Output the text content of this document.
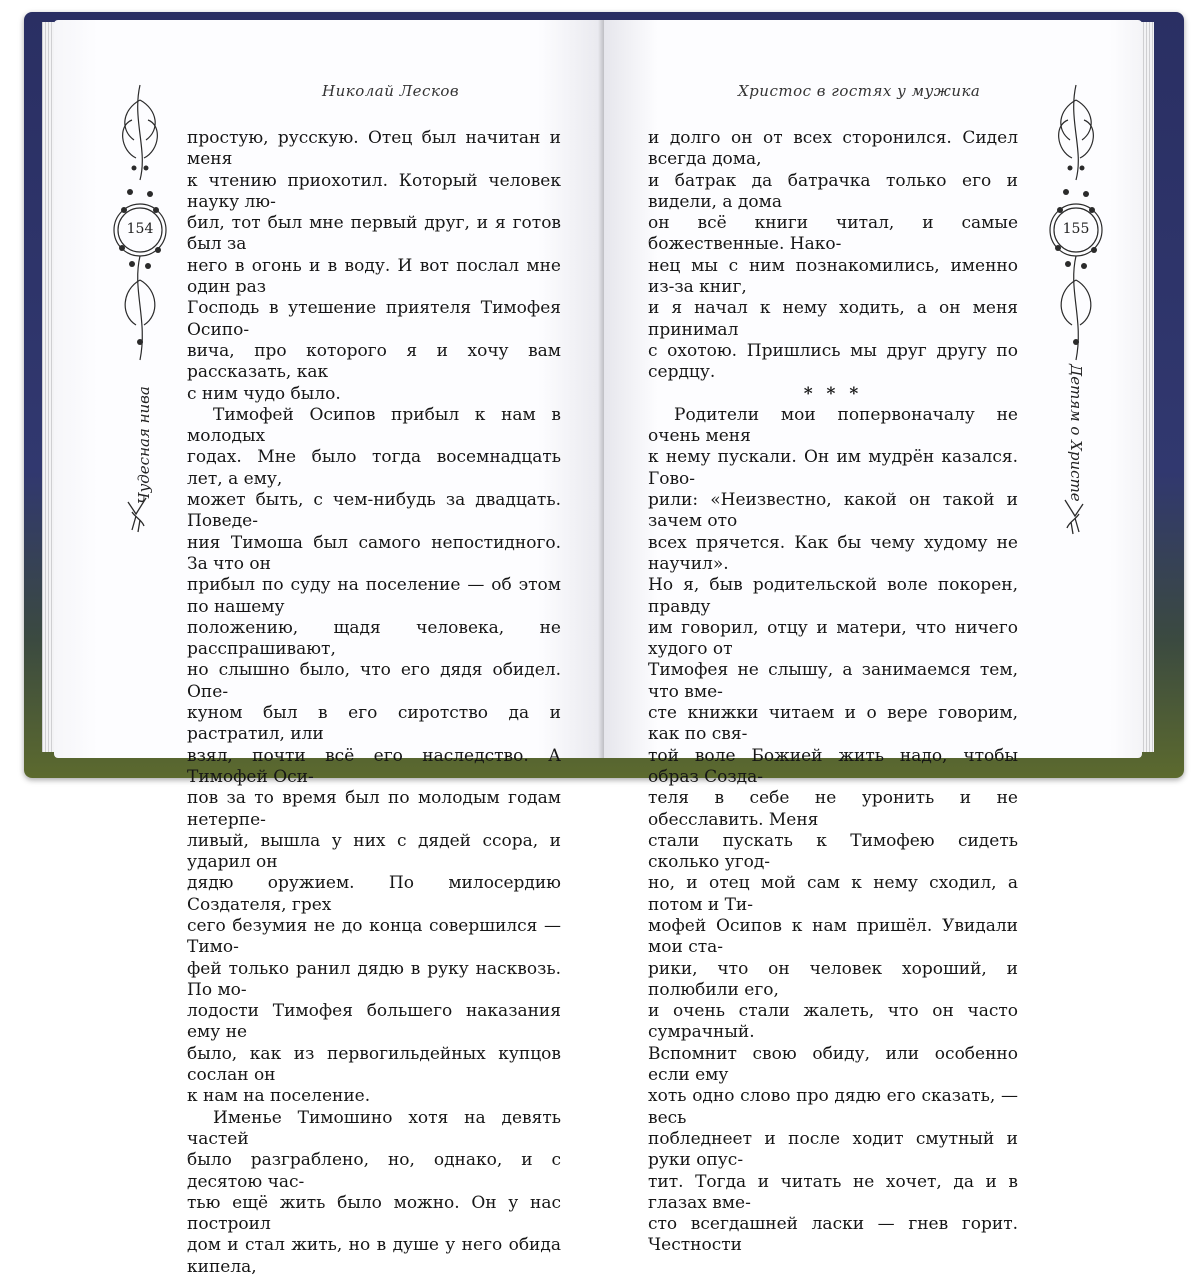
Николай Лесков
154
Чудесная нива

простую, русскую. Отец был начитан и меня

к чтению приохотил. Который человек науку лю-

бил, тот был мне первый друг, и я готов был за

него в огонь и в воду. И вот послал мне один раз

Господь в утешение приятеля Тимофея Осипо-

вича, про которого я и хочу вам рассказать, как

с ним чудо было.

Тимофей Осипов прибыл к нам в молодых

годах. Мне было тогда восемнадцать лет, а ему,

может быть, с чем-нибудь за двадцать. Поведе-

ния Тимоша был самого непостидного. За что он

прибыл по суду на поселение — об этом по нашему

положению, щадя человека, не расспрашивают,

но слышно было, что его дядя обидел. Опе-

куном был в его сиротство да и растратил, или

взял, почти всё его наследство. А Тимофей Оси-

пов за то время был по молодым годам нетерпе-

ливый, вышла у них с дядей ссора, и ударил он

дядю оружием. По милосердию Создателя, грех

сего безумия не до конца совершился — Тимо-

фей только ранил дядю в руку насквозь. По мо-

лодости Тимофея большего наказания ему не

было, как из первогильдейных купцов сослан он

к нам на поселение.

Именье Тимошино хотя на девять частей

было разграблено, но, однако, и с десятою час-

тью ещё жить было можно. Он у нас построил

дом и стал жить, но в душе у него обида кипела,

Христос в гостях у мужика
155
Детям о Христе

и долго он от всех сторонился. Сидел всегда дома,

и батрак да батрачка только его и видели, а дома

он всё книги читал, и самые божественные. Нако-

нец мы с ним познакомились, именно из-за книг,

и я начал к нему ходить, а он меня принимал

с охотою. Пришлись мы друг другу по сердцу.

* * *

Родители мои попервоначалу не очень меня

к нему пускали. Он им мудрён казался. Гово-

рили: «Неизвестно, какой он такой и зачем ото

всех прячется. Как бы чему худому не научил».

Но я, быв родительской воле покорен, правду

им говорил, отцу и матери, что ничего худого от

Тимофея не слышу, а занимаемся тем, что вме-

сте книжки читаем и о вере говорим, как по свя-

той воле Божией жить надо, чтобы образ Созда-

теля в себе не уронить и не обесславить. Меня

стали пускать к Тимофею сидеть сколько угод-

но, и отец мой сам к нему сходил, а потом и Ти-

мофей Осипов к нам пришёл. Увидали мои ста-

рики, что он человек хороший, и полюбили его,

и очень стали жалеть, что он часто сумрачный.

Вспомнит свою обиду, или особенно если ему

хоть одно слово про дядю его сказать, — весь

побледнеет и после ходит смутный и руки опус-

тит. Тогда и читать не хочет, да и в глазах вме-

сто всегдашней ласки — гнев горит. Честности
